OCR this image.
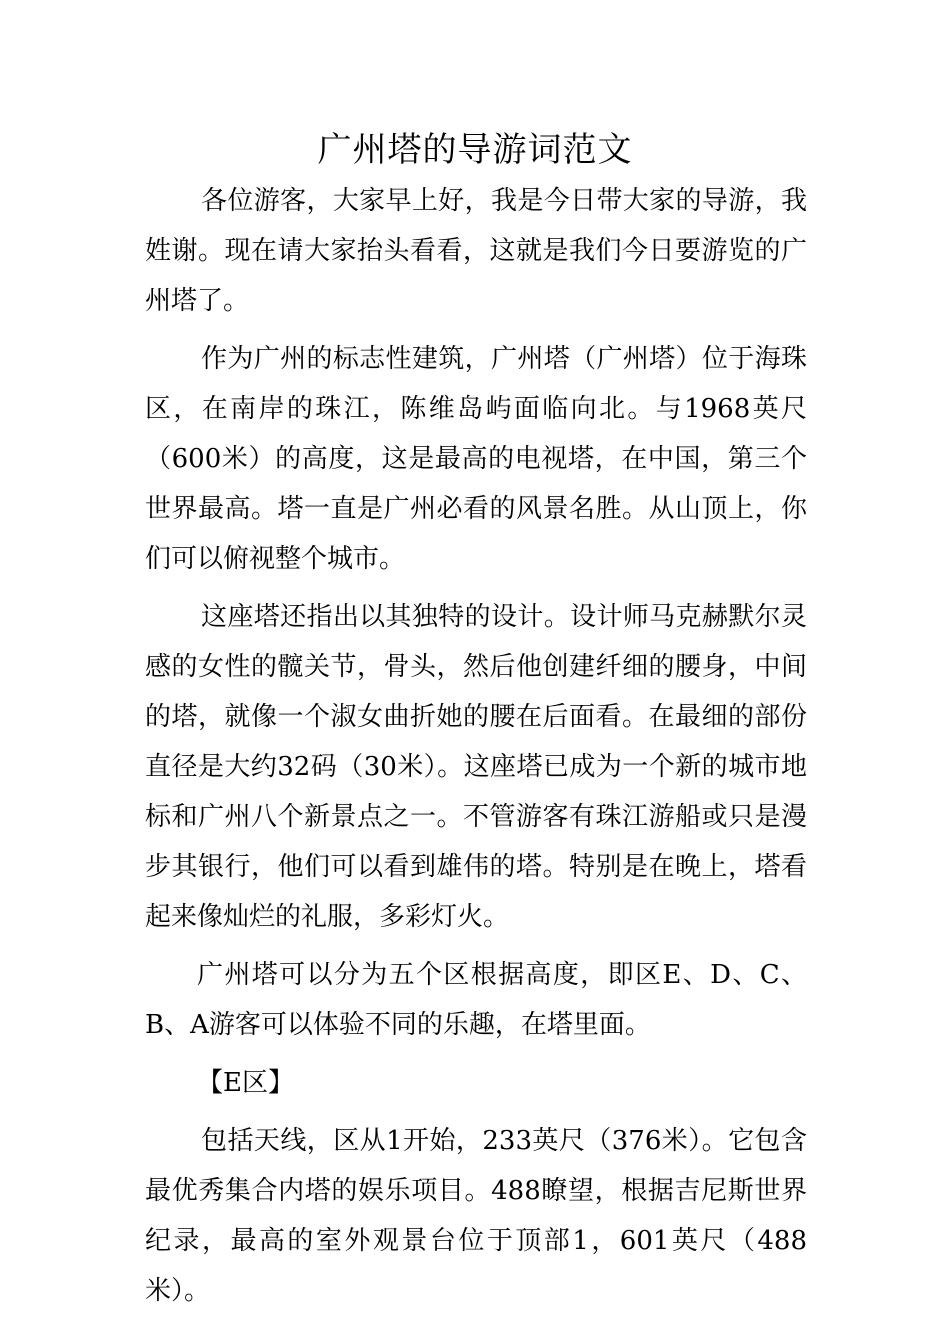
广州塔的导游词范文

各位游客，大家早上好，我是今日带大家的导游，我姓谢。现在请大家抬头看看，这就是我们今日要游览的广州塔了。

作为广州的标志性建筑，广州塔（广州塔）位于海珠区，在南岸的珠江，陈维岛屿面临向北。与1968英尺（600米）的高度，这是最高的电视塔，在中国，第三个世界最高。塔一直是广州必看的风景名胜。从山顶上，你们可以俯视整个城市。

这座塔还指出以其独特的设计。设计师马克赫默尔灵感的女性的髋关节，骨头，然后他创建纤细的腰身，中间的塔，就像一个淑女曲折她的腰在后面看。在最细的部份直径是大约32码（30米）。这座塔已成为一个新的城市地标和广州八个新景点之一。不管游客有珠江游船或只是漫步其银行，他们可以看到雄伟的塔。特别是在晚上，塔看起来像灿烂的礼服，多彩灯火。

广州塔可以分为五个区根据高度，即区E、D、C、B、A游客可以体验不同的乐趣，在塔里面。

【E区】

包括天线，区从1开始，233英尺（376米）。它包含最优秀集合内塔的娱乐项目。488瞭望，根据吉尼斯世界纪录，最高的室外观景台位于顶部1，601英尺（488米）。
